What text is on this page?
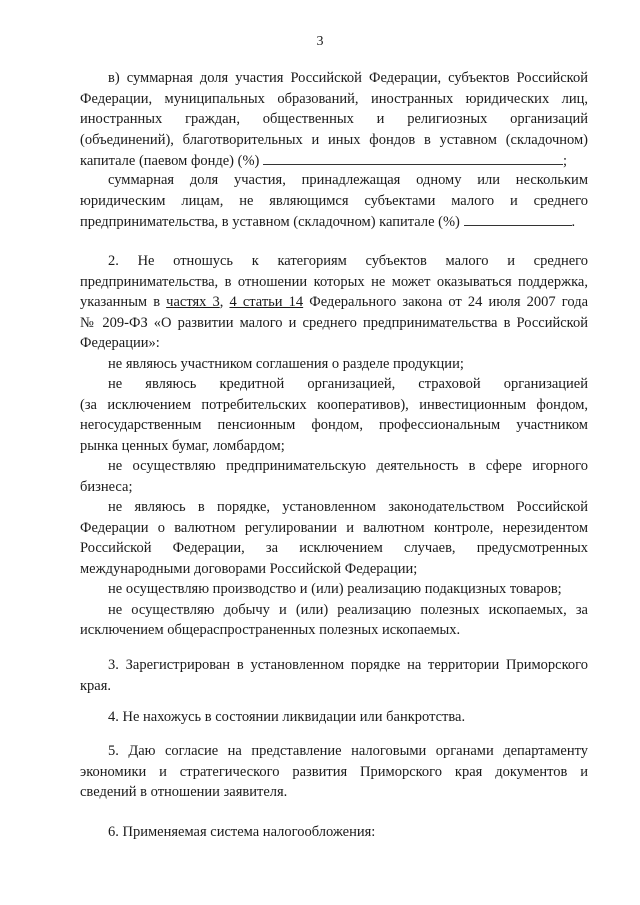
3
в) суммарная доля участия Российской Федерации, субъектов Российской
Федерации, муниципальных образований, иностранных юридических лиц,
иностранных граждан, общественных и религиозных организаций
(объединений), благотворительных и иных фондов в уставном (складочном)
капитале (паевом фонде) (%)	;
суммарная доля участия, принадлежащая одному или нескольким
юридическим лицам, не являющимся субъектами малого и среднего
предпринимательства, в уставном (складочном) капитале (%)	.
2. Не отношусь к категориям субъектов малого и среднего
предпринимательства, в отношении которых не может оказываться поддержка,
указанным в частях 3, 4 статьи 14 Федерального закона от 24 июля 2007 года
№ 209-ФЗ «О развитии малого и среднего предпринимательства в Российской
Федерации»:
не являюсь участником соглашения о разделе продукции;
не являюсь кредитной организацией, страховой организацией
(за исключением потребительских кооперативов), инвестиционным фондом,
негосударственным пенсионным фондом, профессиональным участником
рынка ценных бумаг, ломбардом;
не осуществляю предпринимательскую деятельность в сфере игорного
бизнеса;
не являюсь в порядке, установленном законодательством Российской
Федерации о валютном регулировании и валютном контроле, нерезидентом
Российской Федерации, за исключением случаев, предусмотренных
международными договорами Российской Федерации;
не осуществляю производство и (или) реализацию подакцизных товаров;
не осуществляю добычу и (или) реализацию полезных ископаемых, за
исключением общераспространенных полезных ископаемых.
3. Зарегистрирован в установленном порядке на территории Приморского
края.
4. Не нахожусь в состоянии ликвидации или банкротства.
5. Даю согласие на представление налоговыми органами департаменту
экономики и стратегического развития Приморского края документов и
сведений в отношении заявителя.
6. Применяемая система налогообложения:
